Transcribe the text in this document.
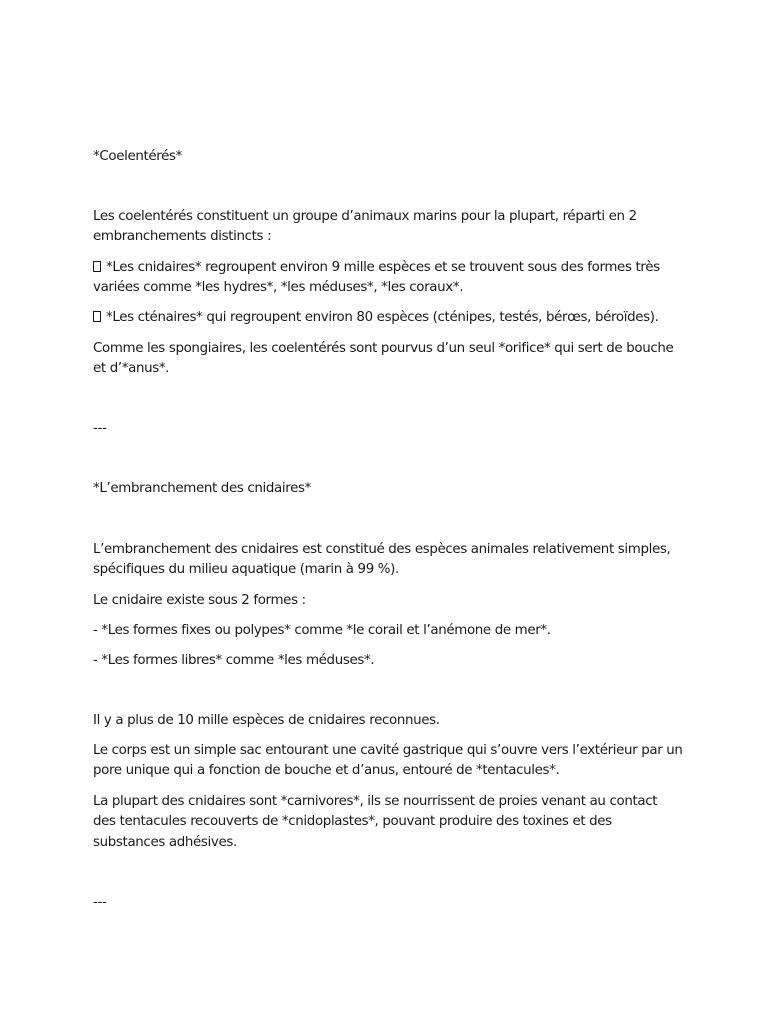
*Coelentérés*

Les coelentérés constituent un groupe d’animaux marins pour la plupart, réparti en 2 embranchements distincts :

*Les cnidaires* regroupent environ 9 mille espèces et se trouvent sous des formes très variées comme *les hydres*, *les méduses*, *les coraux*.

*Les cténaires* qui regroupent environ 80 espèces (cténipes, testés, bérœs, béroïdes).

Comme les spongiaires, les coelentérés sont pourvus d’un seul *orifice* qui sert de bouche et d’*anus*.

---

*L’embranchement des cnidaires*

L’embranchement des cnidaires est constitué des espèces animales relativement simples, spécifiques du milieu aquatique (marin à 99 %).

Le cnidaire existe sous 2 formes :

- *Les formes fixes ou polypes* comme *le corail et l’anémone de mer*.

- *Les formes libres* comme *les méduses*.

Il y a plus de 10 mille espèces de cnidaires reconnues.

Le corps est un simple sac entourant une cavité gastrique qui s’ouvre vers l’extérieur par un pore unique qui a fonction de bouche et d’anus, entouré de *tentacules*.

La plupart des cnidaires sont *carnivores*, ils se nourrissent de proies venant au contact des tentacules recouverts de *cnidoplastes*, pouvant produire des toxines et des substances adhésives.

---
